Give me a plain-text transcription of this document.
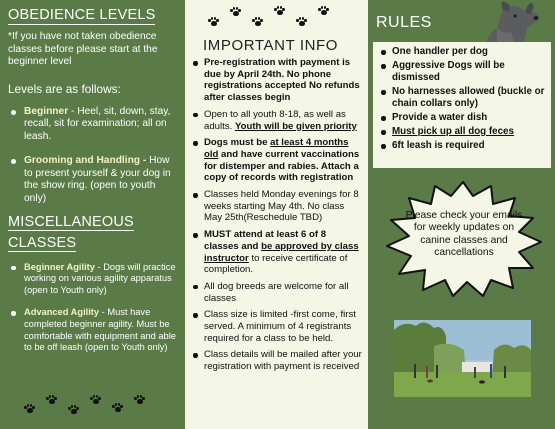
OBEDIENCE LEVELS

*If you have not taken obedience classes before please start at the beginner level

Levels are as follows:

Beginner - Heel, sit, down, stay, recall, sit for examination; all on leash.
Grooming and Handling - How to present yourself & your dog in the show ring. (open to youth only)
MISCELLANEOUS
CLASSES
Beginner Agility - Dogs will practice working on various agility apparatus (open to Youth only)
Advanced Agility - Must have completed beginner agility. Must be comfortable with equipment and able to be off leash (open to Youth only)
IMPORTANT INFO
Pre-registration with payment is due by April 24th. No phone registrations accepted No refunds after classes begin
Open to all youth 8-18, as well as adults. Youth will be given priority
Dogs must be at least 4 months old and have current vaccinations for distemper and rabies. Attach a copy of records with registration
Classes held Monday evenings for 8 weeks starting May 4th. No class May 25th(Reschedule TBD)
MUST attend at least 6 of 8 classes and be approved by class instructor to receive certificate of completion.
All dog breeds are welcome for all classes
Class size is limited -first come, first served. A minimum of 4 registrants required for a class to be held.
Class details will be mailed after your registration with payment is received
RULES
One handler per dog
Aggressive Dogs will be dismissed
No harnesses allowed (buckle or chain collars only)
Provide a water dish
Must pick up all dog feces
6ft leash is required
Please check your emails for weekly updates on canine classes and cancellations
